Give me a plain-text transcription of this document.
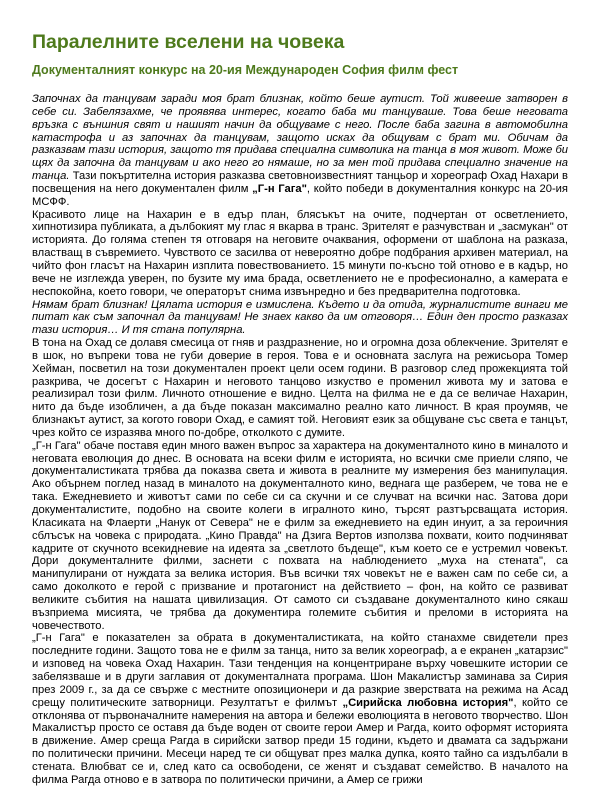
Паралелните вселени на човека
Документалният конкурс на 20-ия Международен София филм фест

Започнах да танцувам заради моя брат близнак, който беше аутист. Той живееше затворен в себе си. Забелязахме, че проявява интерес, когато баба ми танцуваше. Това беше неговата връзка с външния свят и нашият начин да общуваме с него. После баба загина в автомобилна катастрофа и аз започнах да танцувам, защото исках да общувам с брат ми. Обичам да разказвам тази история, защото тя придава специална символика на танца в моя живот. Може би щях да започна да танцувам и ако него го нямаше, но за мен той придава специално значение на танца. Тази покъртителна история разказва световноизвестният танцьор и хореограф Охад Нахари в посвещения на него документален филм „Г-н Гага", който победи в документалния конкурс на 20-ия МСФФ.

Красивото лице на Нахарин е в едър план, блясъкът на очите, подчертан от осветлението, хипнотизира публиката, а дълбокият му глас я вкарва в транс. Зрителят е разчувстван и „засмукан" от историята. До голяма степен тя отговаря на неговите очаквания, оформени от шаблона на разказа, властващ в съвремието. Чувството се засилва от невероятно добре подбрания архивен материал, на чийто фон гласът на Нахарин изплита повествованието. 15 минути по-късно той отново е в кадър, но вече не изглежда уверен, по бузите му има брада, осветлението не е професионално, а камерата е неспокойна, което говори, че операторът снима извънредно и без предварителна подготовка.

Нямам брат близнак! Цялата история е измислена. Където и да отида, журналистите винаги ме питат как съм започнал да танцувам! Не знаех какво да им отговоря… Един ден просто разказах тази история… И тя стана популярна.

В тона на Охад се долавя смесица от гняв и раздразнение, но и огромна доза облекчение. Зрителят е в шок, но въпреки това не губи доверие в героя. Това е и основната заслуга на режисьора Томер Хейман, посветил на този документален проект цели осем години. В разговор след прожекцията той разкрива, че досегът с Нахарин и неговото танцово изкуство е променил живота му и затова е реализирал този филм. Личното отношение е видно. Целта на филма не е да се величае Нахарин, нито да бъде изобличен, а да бъде показан максимално реално като личност. В края проумяв, че близнакът аутист, за когото говори Охад, е самият той. Неговият език за общуване със света е танцът, чрез който се изразява много по-добре, отколкото с думите.

„Г-н Гага" обаче поставя един много важен въпрос за характера на документалното кино в миналото и неговата еволюция до днес. В основата на всеки филм е историята, но всички сме приели сляпо, че документалистиката трябва да показва света и живота в реалните му измерения без манипулация. Ако обърнем поглед назад в миналото на документалното кино, веднага ще разберем, че това не е така. Ежедневието и животът сами по себе си са скучни и се случват на всички нас. Затова дори документалистите, подобно на своите колеги в игралното кино, търсят разтърсващата история. Класиката на Флаерти „Нанук от Севера" не е филм за ежедневието на един инуит, а за героичния сблъсък на човека с природата. „Кино Правда" на Дзига Вертов използва похвати, които подчиняват кадрите от скучното всекидневие на идеята за „светлото бъдеще", към което се е устремил човекът. Дори документалните филми, заснети с похвата на наблюдението „муха на стената", са манипулирани от нуждата за велика история. Във всички тях човекът не е важен сам по себе си, а само доколкото е герой с призвание и протагонист на действието – фон, на който се развиват великите събития на нашата цивилизация. От самото си създаване документалното кино сякаш възприема мисията, че трябва да документира големите събития и преломи в историята на човечеството.

„Г-н Гага" е показателен за обрата в документалистиката, на който станахме свидетели през последните години. Защото това не е филм за танца, нито за велик хореограф, а е екранен „катарзис" и изповед на човека Охад Нахарин. Тази тенденция на концентриране върху човешките истории се забелязваше и в други заглавия от документалната програма. Шон Макалистър заминава за Сирия през 2009 г., за да се свърже с местните опозиционери и да разкрие зверствата на режима на Асад срещу политическите затворници. Резултатът е филмът „Сирийска любовна история", който се отклонява от първоначалните намерения на автора и бележи еволюцията в неговото творчество. Шон Макалистър просто се оставя да бъде воден от своите герои Амер и Рагда, които оформят историята в движение. Амер среща Рагда в сирийски затвор преди 15 години, където и двамата са задържани по политически причини. Месеци наред те си общуват през малка дупка, която тайно са издълбали в стената. Влюбват се и, след като са освободени, се женят и създават семейство. В началото на филма Рагда отново е в затвора по политически причини, а Амер се грижи
